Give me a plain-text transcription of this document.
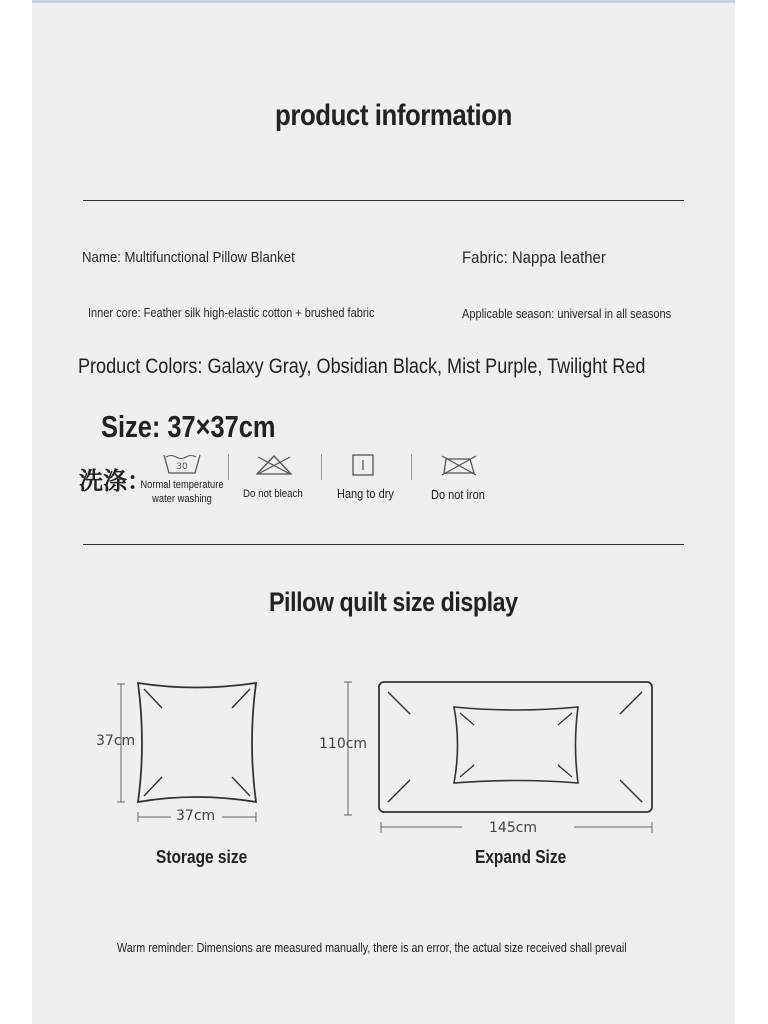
product information
Name: Multifunctional Pillow Blanket	Fabric: Nappa leather
Inner core: Feather silk high-elastic cotton + brushed fabric	Applicable season: universal in all seasons
Product Colors: Galaxy Gray, Obsidian Black, Mist Purple, Twilight Red
Size: 37×37cm
洗涤：
30
Normal temperature
water washing	Do not bleach	Hang to dry	Do not iron
Pillow quilt size display
37cm
37cm
Storage size
110cm
145cm
Expand Size
Warm reminder: Dimensions are measured manually, there is an error, the actual size received shall prevail
